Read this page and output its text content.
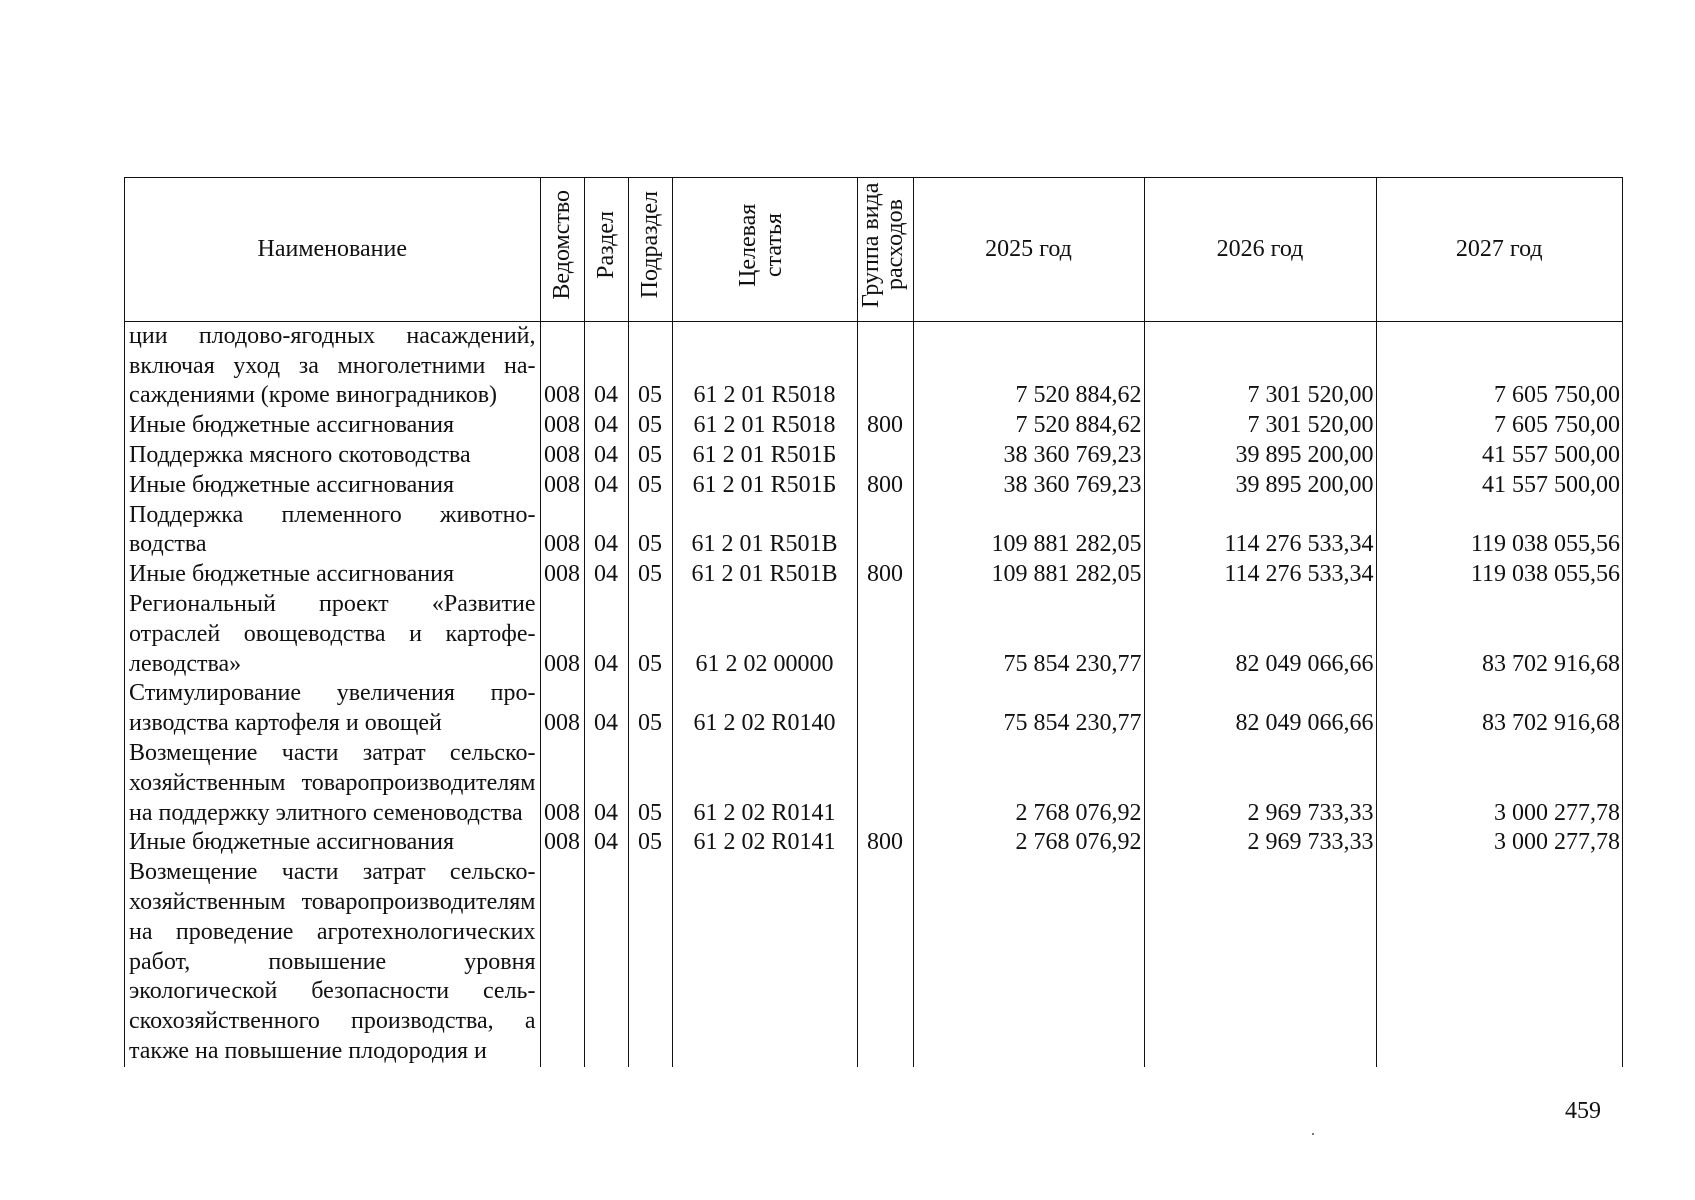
Наименование	Ведомство	Раздел	Подраздел	Целевая статья	Группа вида расходов	2025 год	2026 год	2027 год
ции плодово-ягодных насаждений, включая уход за многолетними насаждениями (кроме виноградников)	008	04	05	61 2 01 R5018		7 520 884,62	7 301 520,00	7 605 750,00
Иные бюджетные ассигнования	008	04	05	61 2 01 R5018	800	7 520 884,62	7 301 520,00	7 605 750,00
Поддержка мясного скотоводства	008	04	05	61 2 01 R501Б		38 360 769,23	39 895 200,00	41 557 500,00
Иные бюджетные ассигнования	008	04	05	61 2 01 R501Б	800	38 360 769,23	39 895 200,00	41 557 500,00
Поддержка племенного животноводства	008	04	05	61 2 01 R501В		109 881 282,05	114 276 533,34	119 038 055,56
Иные бюджетные ассигнования	008	04	05	61 2 01 R501В	800	109 881 282,05	114 276 533,34	119 038 055,56
Региональный проект «Развитие отраслей овощеводства и картофелеводства»	008	04	05	61 2 02 00000		75 854 230,77	82 049 066,66	83 702 916,68
Стимулирование увеличения производства картофеля и овощей	008	04	05	61 2 02 R0140		75 854 230,77	82 049 066,66	83 702 916,68
Возмещение части затрат сельскохозяйственным товаропроизводителям на поддержку элитного семеноводства	008	04	05	61 2 02 R0141		2 768 076,92	2 969 733,33	3 000 277,78
Иные бюджетные ассигнования	008	04	05	61 2 02 R0141	800	2 768 076,92	2 969 733,33	3 000 277,78
Возмещение части затрат сельскохозяйственным товаропроизводителям на проведение агротехнологических работ, повышение уровня экологической безопасности сельскохозяйственного производства, а также на повышение плодородия и								
459
